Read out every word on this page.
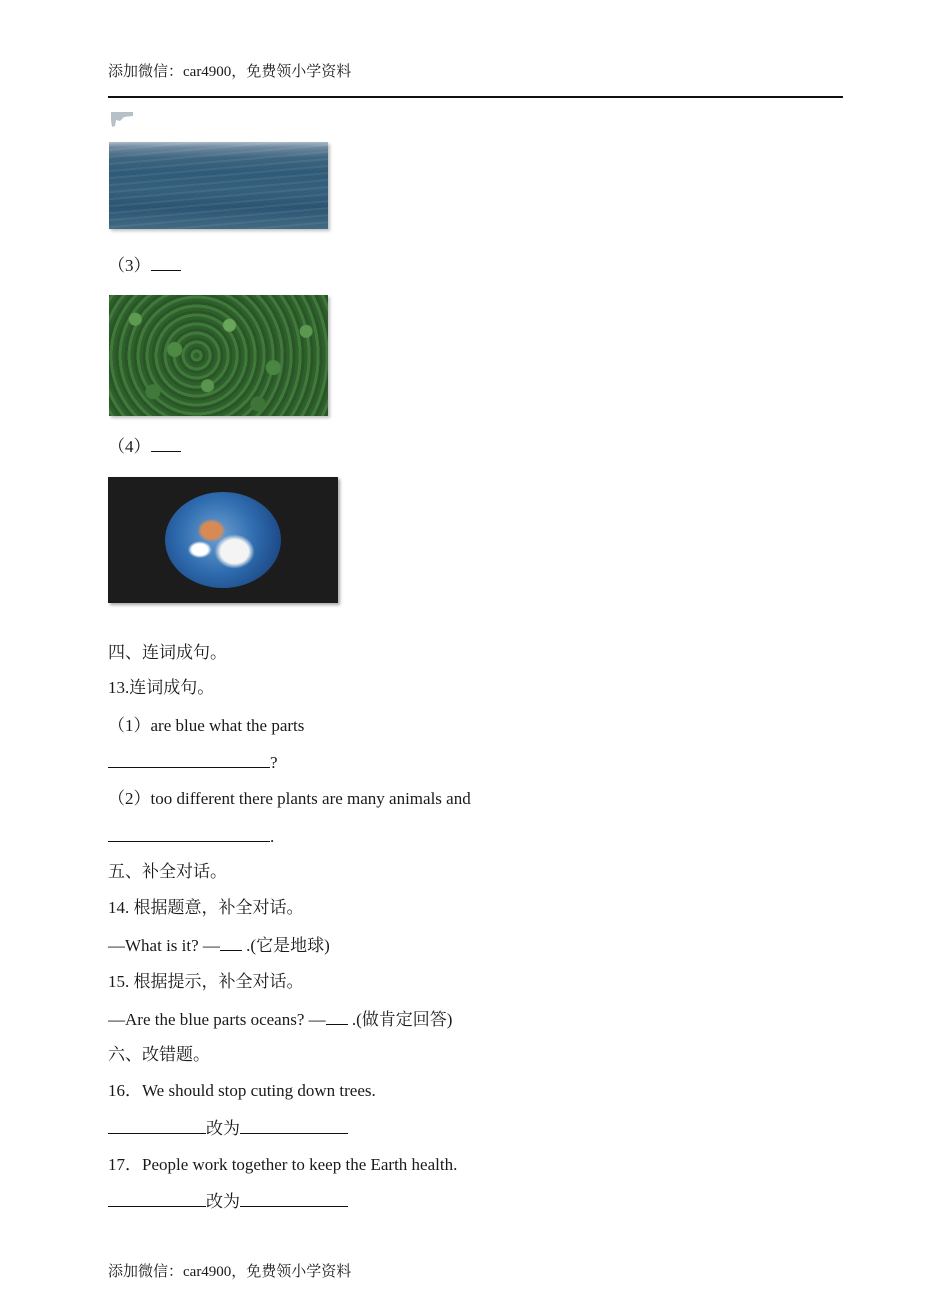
添加微信：car4900，免费领小学资料
（3）
（4）
四、连词成句。
13.连词成句。
（1）are blue what the parts
?
（2）too different there plants are many animals and
.
五、补全对话。
14. 根据题意，补全对话。
—What is it? — .(它是地球)
15. 根据提示，补全对话。
—Are the blue parts oceans? — .(做肯定回答)
六、改错题。
16．We should stop cuting down trees.
改为
17．People work together to keep the Earth health.
改为
添加微信：car4900，免费领小学资料
